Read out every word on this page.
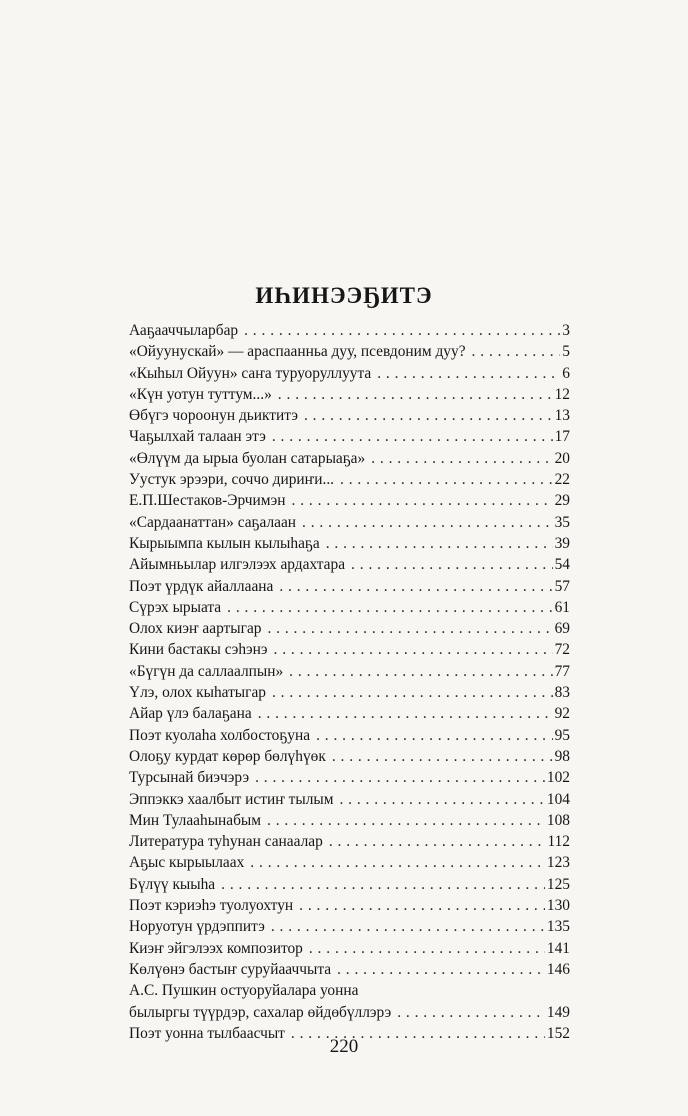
ИҺИНЭЭҔИТЭ
Ааҕааччыларбар . . .	3
«Ойуунускай» — араспаанньа дуу, псевдоним дуу? . . .	5
«Кыһыл Ойуун» саҥа туруоруллуута . . .	6
«Күн уотун туттум...» . . .	12
Өбүгэ чороонун дьиктитэ . . .	13
Чаҕылхай талаан этэ . . .	17
«Өлүүм да ырыа буолан сатарыаҕа» . . .	20
Уустук эрээри, соччо дириҥи... . . .	22
Е.П.Шестаков-Эрчимэн . . .	29
«Сардаанаттан» саҕалаан . . .	35
Кырыымпа кылын кылыһаҕа . . .	39
Айымньылар илгэлээх ардахтара . . .	54
Поэт үрдүк айаллаана . . .	57
Сүрэх ырыата . . .	61
Олох киэҥ аартыгар . . .	69
Кини бастакы сэһэнэ . . .	72
«Бүгүн да саллаалпын» . . .	77
Үлэ, олох кыһатыгар . . .	83
Айар үлэ балаҕана . . .	92
Поэт куолаһа холбостоҕуна . . .	95
Олоҕу курдат көрөр бөлүһүөк . . .	98
Турсынай биэчэрэ . . .	102
Эппэккэ хаалбыт истиҥ тылым . . .	104
Мин Тулааһынабым . . .	108
Литература туһунан санаалар . . .	112
Аҕыс кырыылаах . . .	123
Бүлүү кыыһа . . .	125
Поэт кэриэһэ туолуохтун . . .	130
Норуотун үрдэппитэ . . .	135
Киэҥ эйгэлээх композитор . . .	141
Көлүөнэ бастыҥ суруйааччыта . . .	146
А.С. Пушкин остуоруйалара уонна
былыргы түүрдэр, сахалар өйдөбүллэрэ . . .	149
Поэт уонна тылбаасчыт . . .	152

220
